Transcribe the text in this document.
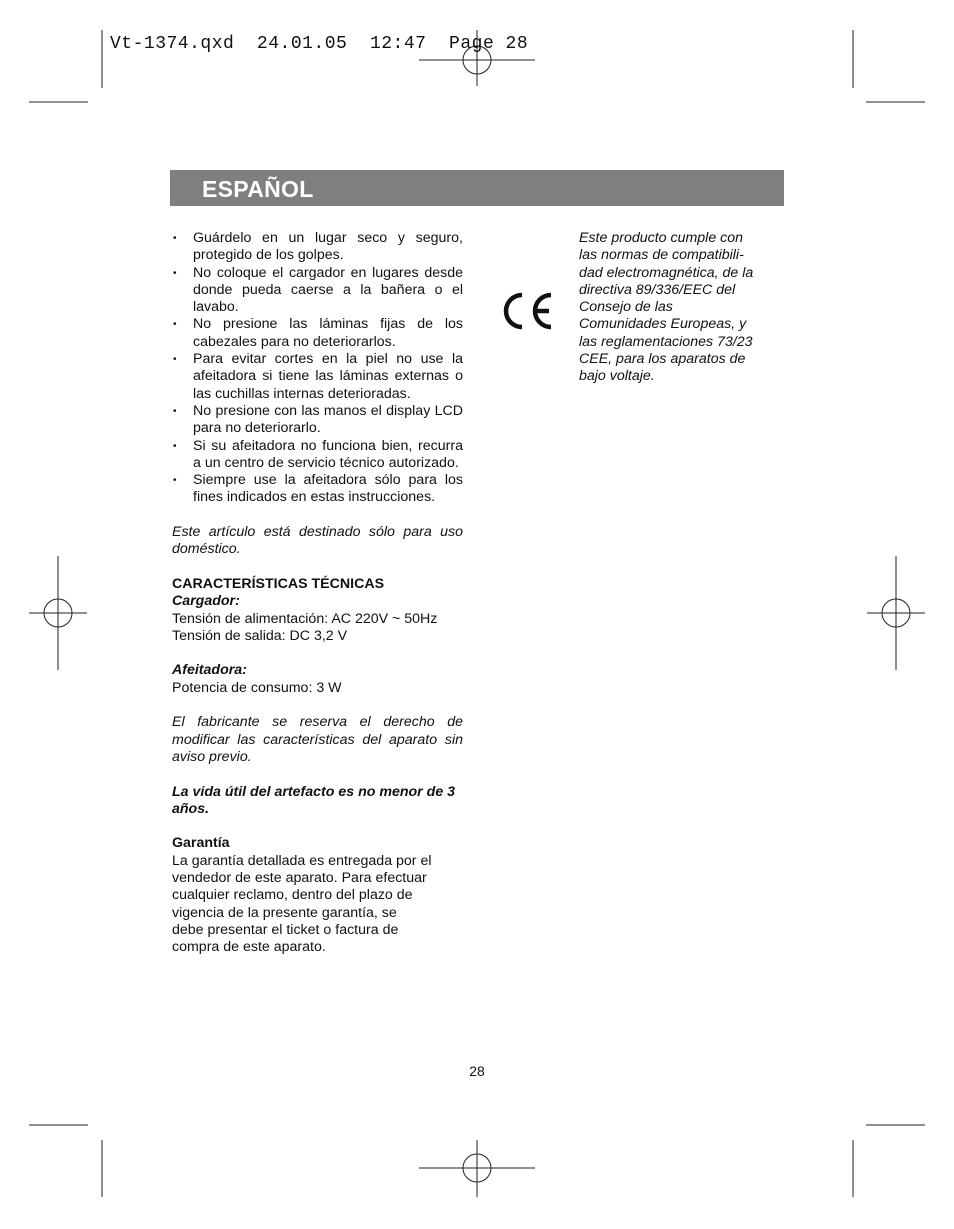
Vt-1374.qxd  24.01.05  12:47  Page 28
ESPAÑOL
• Guárdelo en un lugar seco y seguro, protegido de los golpes.
• No coloque el cargador en lugares desde donde pueda caerse a la bañera o el lavabo.
• No presione las láminas fijas de los cabezales para no deteriorarlos.
• Para evitar cortes en la piel no use la afeitadora si tiene las láminas externas o las cuchillas internas deterioradas.
• No presione con las manos el display LCD para no deteriorarlo.
• Si su afeitadora no funciona bien, recurra a un centro de servicio técnico autorizado.
• Siempre use la afeitadora sólo para los fines indicados en estas instrucciones.

Este artículo está destinado sólo para uso doméstico.

CARACTERÍSTICAS TÉCNICAS

Cargador:

Tensión de alimentación: AC 220V ~ 50Hz

Tensión de salida: DC 3,2 V

Afeitadora:

Potencia de consumo: 3 W

El fabricante se reserva el derecho de modificar las características del aparato sin aviso previo.

La vida útil del artefacto es no menor de 3 años.

Garantía

La garantía detallada es entregada por el

vendedor de este aparato. Para efectuar

cualquier reclamo, dentro del plazo de

vigencia de la presente garantía, se

debe presentar el ticket o factura de

compra de este aparato.

Este producto cumple con

las normas de compatibili-

dad electromagnética, de la

directiva 89/336/EEC del

Consejo de las

Comunidades Europeas, y

las reglamentaciones 73/23

CEE, para los aparatos de

bajo voltaje.

28
